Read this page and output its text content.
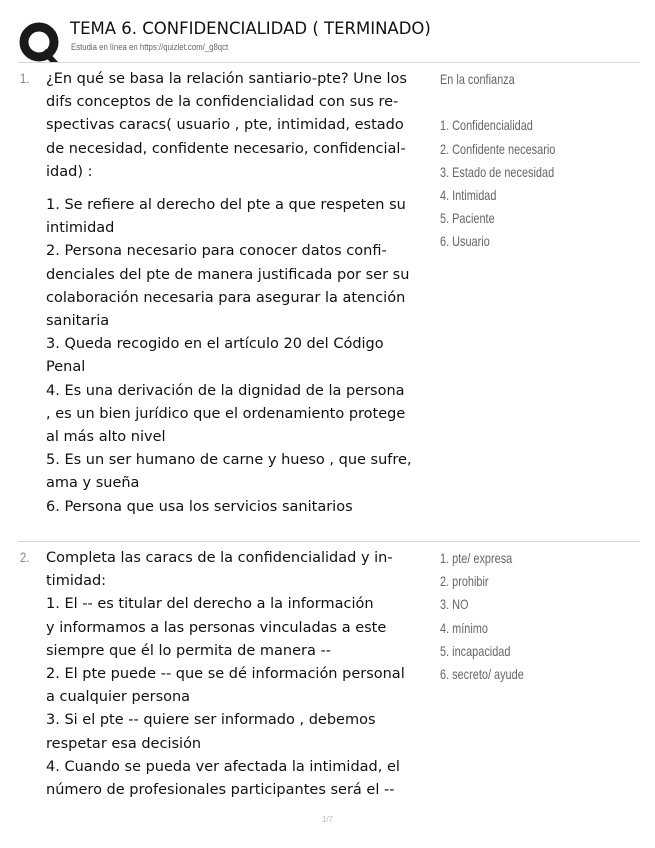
TEMA 6. CONFIDENCIALIDAD ( TERMINADO)
Estudia en línea en https://quizlet.com/_g8qct
1. ¿En qué se basa la relación santiario-pte? Une los

difs conceptos de la confidencialidad con sus re-

spectivas caracs( usuario , pte, intimidad, estado

de necesidad, confidente necesario, confidencial-

idad) :

1. Se refiere al derecho del pte a que respeten su

intimidad

2. Persona necesario para conocer datos confi-

denciales del pte de manera justificada por ser su

colaboración necesaria para asegurar la atención

sanitaria

3. Queda recogido en el artículo 20 del Código

Penal

4. Es una derivación de la dignidad de la persona

, es un bien jurídico que el ordenamiento protege

al más alto nivel

5. Es un ser humano de carne y hueso , que sufre,

ama y sueña

6. Persona que usa los servicios sanitarios

En la confianza

1. Confidencialidad
2. Confidente necesario
3. Estado de necesidad
4. Intimidad
5. Paciente
6. Usuario
2. Completa las caracs de la confidencialidad y in-

timidad:

1. El -- es titular del derecho a la información

y informamos a las personas vinculadas a este

siempre que él lo permita de manera --

2. El pte puede -- que se dé información personal

a cualquier persona

3. Si el pte -- quiere ser informado , debemos

respetar esa decisión

4. Cuando se pueda ver afectada la intimidad, el

número de profesionales participantes será el --

1. pte/ expresa
2. prohibir
3. NO
4. mínimo
5. incapacidad
6. secreto/ ayude
1/7
